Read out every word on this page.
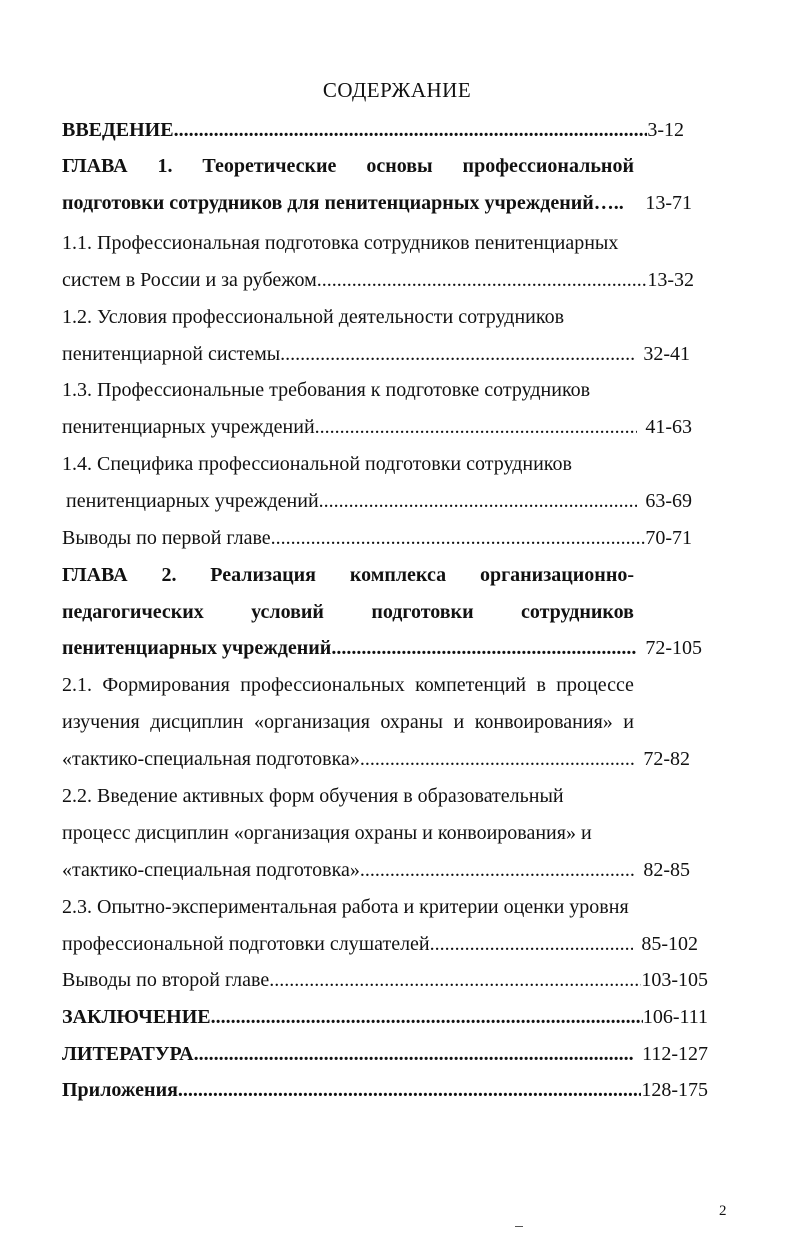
СОДЕРЖАНИЕ
ВВЕДЕНИЕ .....	3-12
ГЛАВА 1. Теоретические основы профессиональной
подготовки сотрудников для пенитенциарных учреждений….. 13-71
1.1. Профессиональная подготовка сотрудников пенитенциарных
систем в России и за рубежом .....	13-32
1.2. Условия профессиональной деятельности сотрудников
пенитенциарной системы .....	32-41
1.3. Профессиональные требования к подготовке сотрудников
пенитенциарных учреждений .....	41-63
1.4. Специфика профессиональной подготовки сотрудников
пенитенциарных учреждений .....	63-69
Выводы по первой главе .....	70-71
ГЛАВА 2. Реализация комплекса организационно-
педагогических условий подготовки сотрудников
пенитенциарных учреждений .....	72-105
2.1. Формирования профессиональных компетенций в процессе
изучения дисциплин «организация охраны и конвоирования» и
«тактико-специальная подготовка» .....	72-82
2.2. Введение активных форм обучения в образовательный
процесс дисциплин «организация охраны и конвоирования» и
«тактико-специальная подготовка» .....	82-85
2.3. Опытно-экспериментальная работа и критерии оценки уровня
профессиональной подготовки слушателей .....	85-102
Выводы по второй главе .....	103-105
ЗАКЛЮЧЕНИЕ .....	106-111
ЛИТЕРАТУРА .....	112-127
Приложения .....	128-175
2
